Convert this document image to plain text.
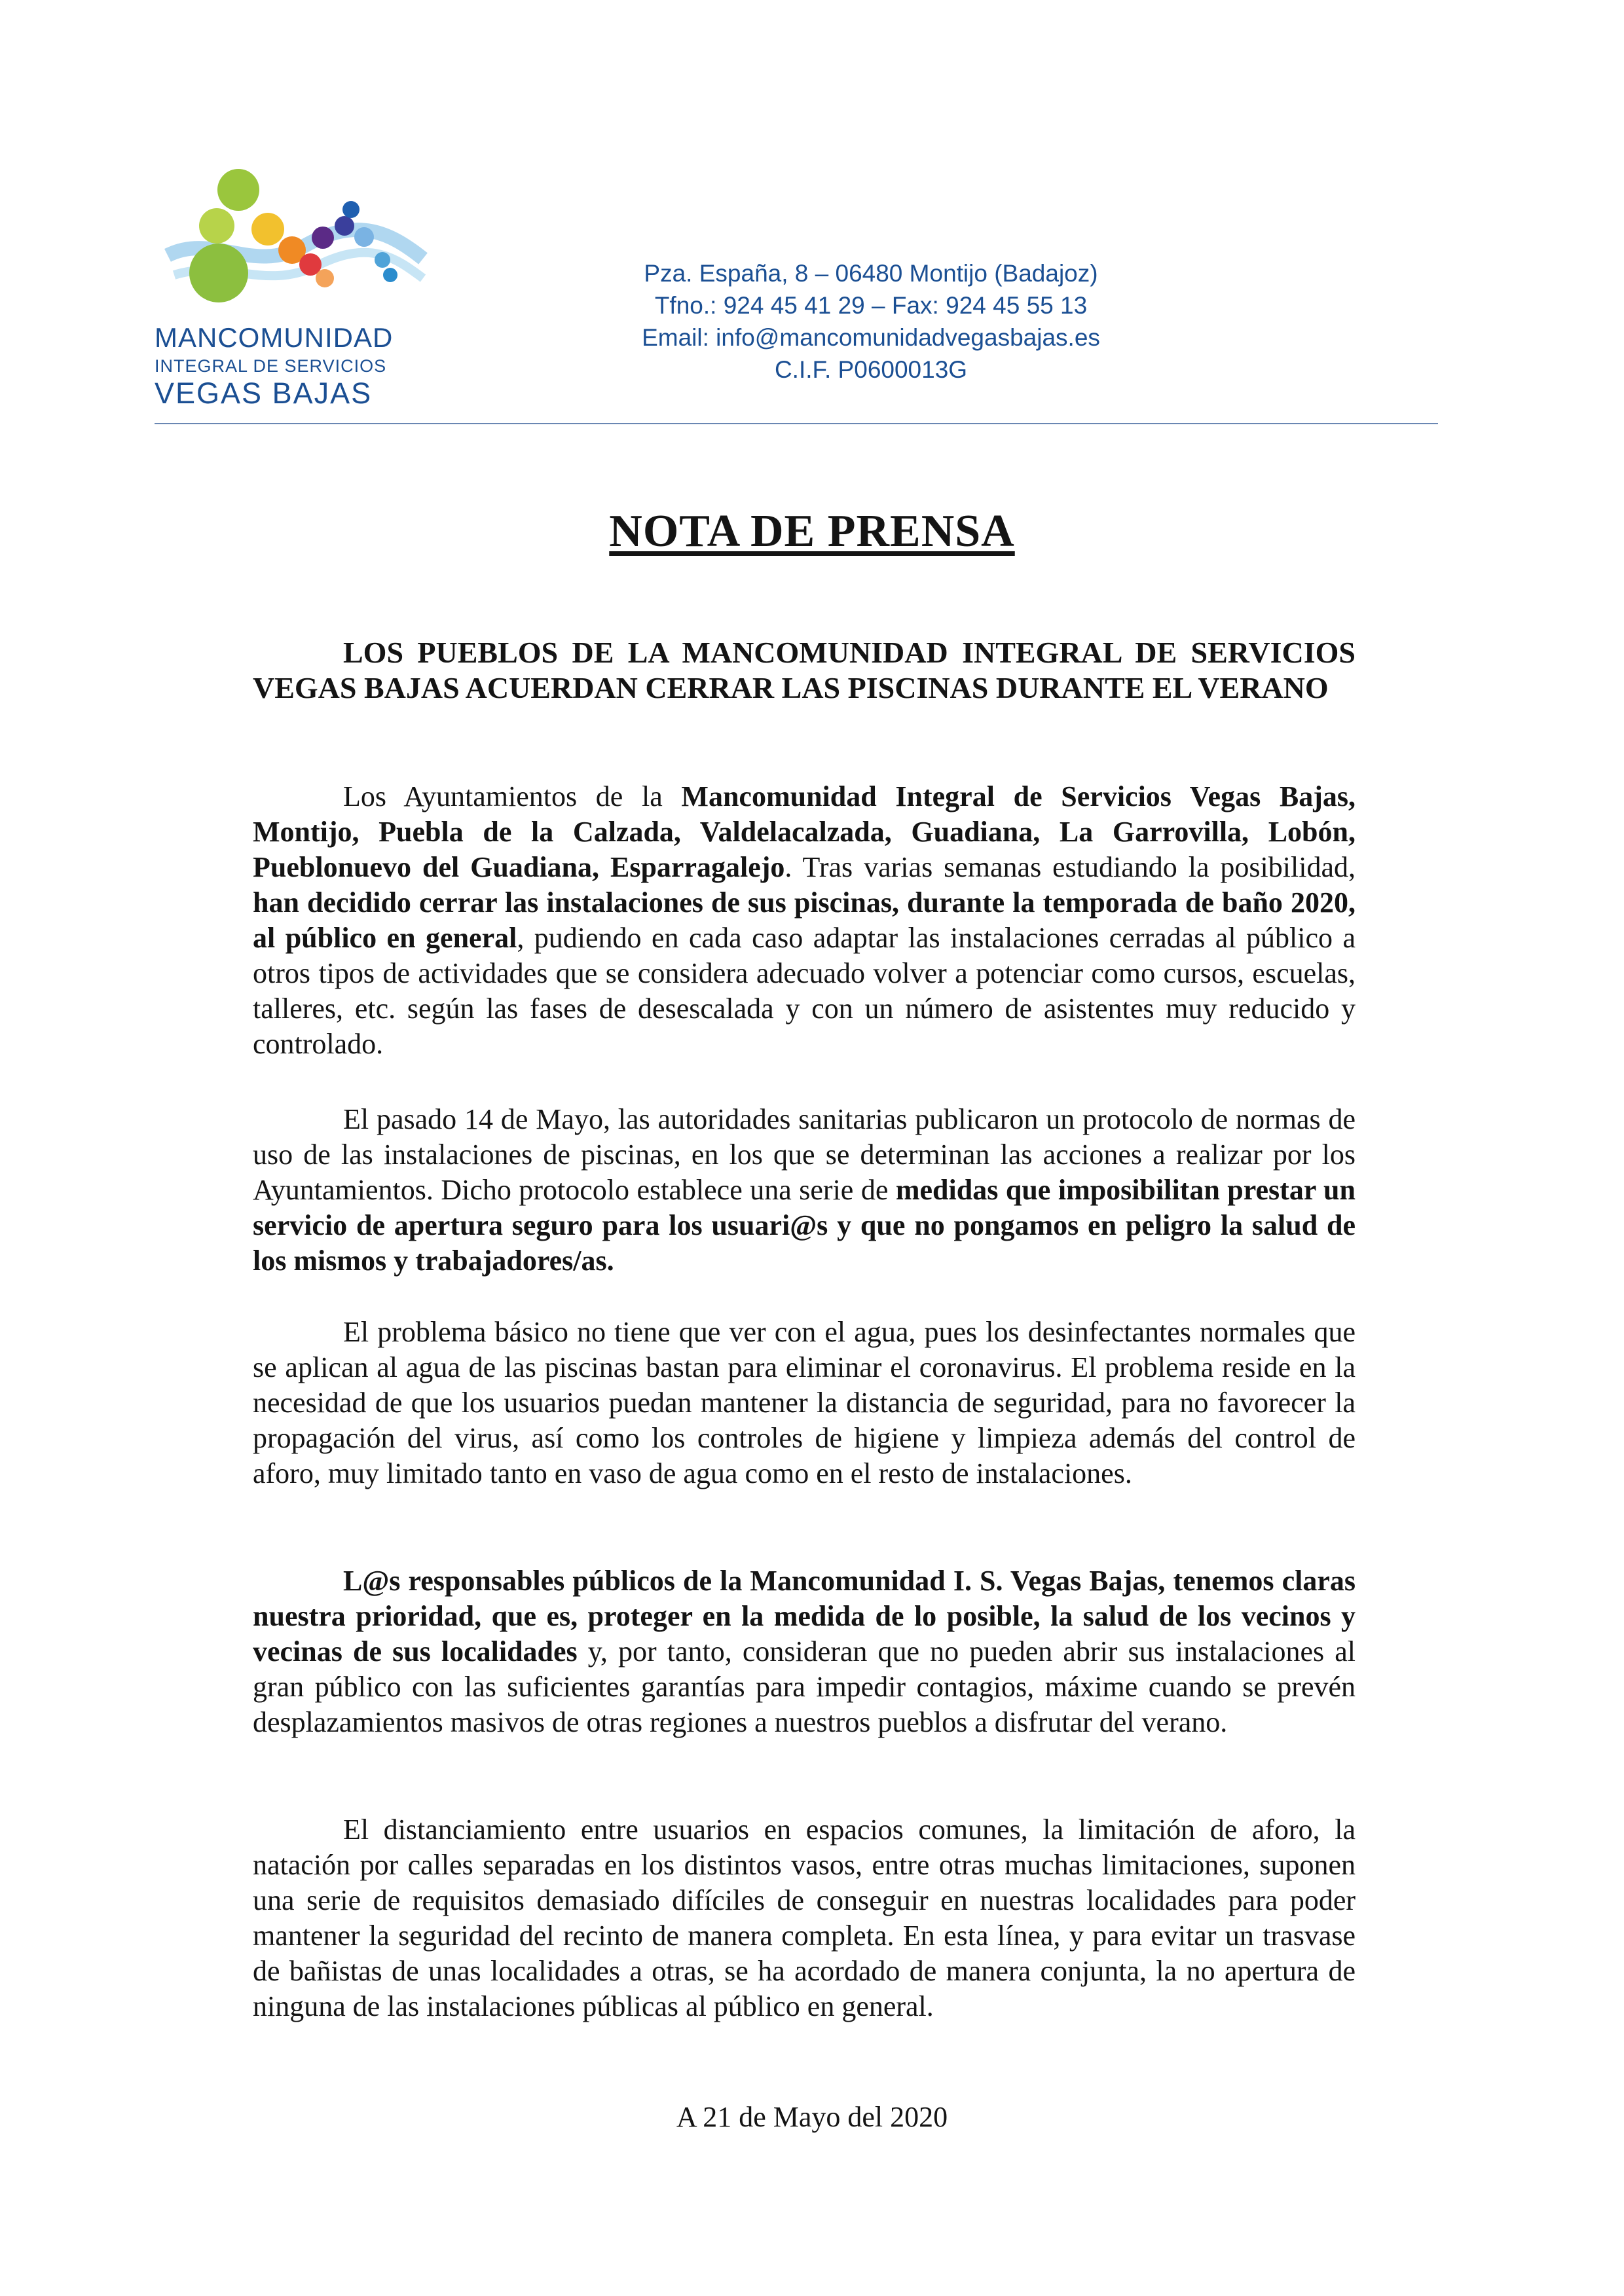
MANCOMUNIDAD
INTEGRAL DE SERVICIOS
VEGAS BAJAS
Pza. España, 8 – 06480 Montijo (Badajoz)
Tfno.: 924 45 41 29 – Fax: 924 45 55 13
Email: info@mancomunidadvegasbajas.es
C.I.F. P0600013G
NOTA DE PRENSA
LOS PUEBLOS DE LA MANCOMUNIDAD INTEGRAL DE SERVICIOS VEGAS BAJAS ACUERDAN CERRAR LAS PISCINAS DURANTE EL VERANO
Los Ayuntamientos de la Mancomunidad Integral de Servicios Vegas Bajas, Montijo, Puebla de la Calzada, Valdelacalzada, Guadiana, La Garrovilla, Lobón, Pueblonuevo del Guadiana, Esparragalejo. Tras varias semanas estudiando la posibilidad, han decidido cerrar las instalaciones de sus piscinas, durante la temporada de baño 2020, al público en general, pudiendo en cada caso adaptar las instalaciones cerradas al público a otros tipos de actividades que se considera adecuado volver a potenciar como cursos, escuelas, talleres, etc. según las fases de desescalada y con un número de asistentes muy reducido y controlado.
El pasado 14 de Mayo, las autoridades sanitarias publicaron un protocolo de normas de uso de las instalaciones de piscinas, en los que se determinan las acciones a realizar por los Ayuntamientos. Dicho protocolo establece una serie de medidas que imposibilitan prestar un servicio de apertura seguro para los usuari@s y que no pongamos en peligro la salud de los mismos y trabajadores/as.
El problema básico no tiene que ver con el agua, pues los desinfectantes normales que se aplican al agua de las piscinas bastan para eliminar el coronavirus. El problema reside en la necesidad de que los usuarios puedan mantener la distancia de seguridad, para no favorecer la propagación del virus, así como los controles de higiene y limpieza además del control de aforo, muy limitado tanto en vaso de agua como en el resto de instalaciones.
L@s responsables públicos de la Mancomunidad I. S. Vegas Bajas, tenemos claras nuestra prioridad, que es, proteger en la medida de lo posible, la salud de los vecinos y vecinas de sus localidades y, por tanto, consideran que no pueden abrir sus instalaciones al gran público con las suficientes garantías para impedir contagios, máxime cuando se prevén desplazamientos masivos de otras regiones a nuestros pueblos a disfrutar del verano.
El distanciamiento entre usuarios en espacios comunes, la limitación de aforo, la natación por calles separadas en los distintos vasos, entre otras muchas limitaciones, suponen una serie de requisitos demasiado difíciles de conseguir en nuestras localidades para poder mantener la seguridad del recinto de manera completa. En esta línea, y para evitar un trasvase de bañistas de unas localidades a otras, se ha acordado de manera conjunta, la no apertura de ninguna de las instalaciones públicas al público en general.
A 21 de Mayo del 2020
